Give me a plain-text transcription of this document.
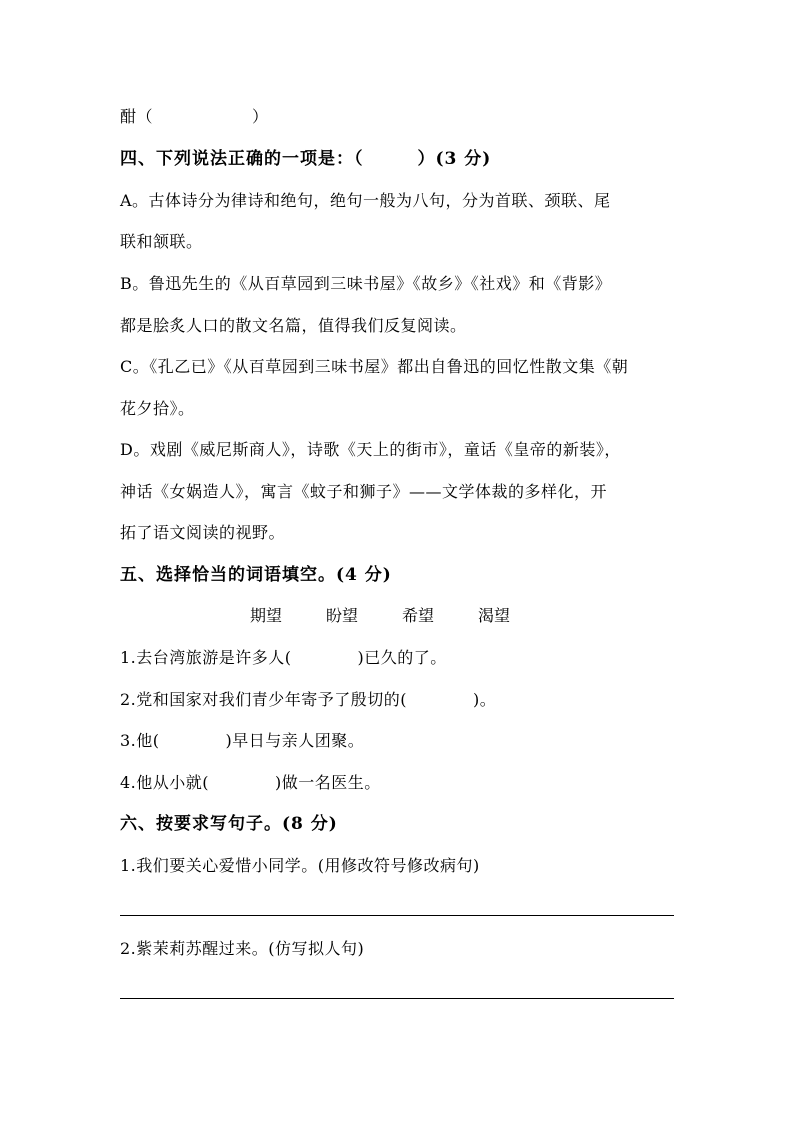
酣（　　　　　　）
四、下列说法正确的一项是：（　　　）(3 分)
A。古体诗分为律诗和绝句，绝句一般为八句，分为首联、颈联、尾
联和颔联。
B。鲁迅先生的《从百草园到三味书屋》《故乡》《社戏》和《背影》
都是脍炙人口的散文名篇，值得我们反复阅读。
C。《孔乙已》《从百草园到三味书屋》都出自鲁迅的回忆性散文集《朝
花夕拾》。
D。戏剧《威尼斯商人》，诗歌《天上的街市》，童话《皇帝的新装》，
神话《女娲造人》，寓言《蚊子和狮子》——文学体裁的多样化，开
拓了语文阅读的视野。
五、选择恰当的词语填空。(4 分)
期望	盼望	希望	渴望
1.去台湾旅游是许多人(　　　　)已久的了。
2.党和国家对我们青少年寄予了殷切的(　　　　)。
3.他(　　　　)早日与亲人团聚。
4.他从小就(　　　　)做一名医生。
六、按要求写句子。(8 分)
1.我们要关心爱惜小同学。(用修改符号修改病句)
2.紫茉莉苏醒过来。(仿写拟人句)
